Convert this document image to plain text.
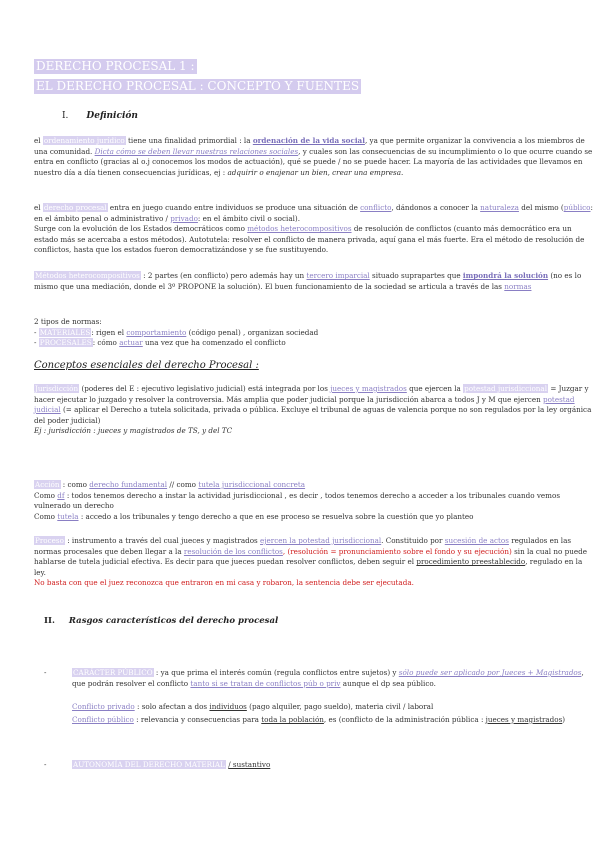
DERECHO PROCESAL 1 :
EL DERECHO PROCESAL : CONCEPTO Y FUENTES
I. Definición
el ordenamiento jurídico tiene una finalidad primordial : la ordenación de la vida social, ya que permite organizar la convivencia a los miembros de una comunidad. Dicta cómo se deben llevar nuestras relaciones sociales, y cuales son las consecuencias de su incumplimiento o lo que ocurre cuando se entra en conflicto (gracias al o.j conocemos los modos de actuación), qué se puede / no se puede hacer. La mayoría de las actividades que llevamos en nuestro día a día tienen consecuencias jurídicas, ej : adquirir o enajenar un bien, crear una empresa.
el derecho procesal entra en juego cuando entre individuos se produce una situación de conflicto, dándonos a conocer la naturaleza del mismo (público: en el ámbito penal o administrativo / privado: en el ámbito civil o social).
Surge con la evolución de los Estados democráticos como métodos heterocompositivos de resolución de conflictos (cuanto más democrático era un estado más se acercaba a estos métodos). Autotutela: resolver el conflicto de manera privada, aquí gana el más fuerte. Era el método de resolución de conflictos, hasta que los estados fueron democratizándose y se fue sustituyendo.
Métodos heterocompositivos : 2 partes (en conflicto) pero además hay un tercero imparcial situado suprapartes que impondrá la solución (no es lo mismo que una mediación, donde el 3º PROPONE la solución). El buen funcionamiento de la sociedad se articula a través de las normas
2 tipos de normas:
- MATERIALES: rigen el comportamiento (código penal) , organizan sociedad
- PROCESALES: cómo actuar una vez que ha comenzado el conflicto
Conceptos esenciales del derecho Procesal :
Jurisdicción (poderes del E : ejecutivo legislativo judicial) está integrada por los jueces y magistrados que ejercen la potestad jurisdiccional = Juzgar y hacer ejecutar lo juzgado y resolver la controversia. Más amplia que poder judicial porque la jurisdicción abarca a todos J y M que ejercen potestad judicial (= aplicar el Derecho a tutela solicitada, privada o pública. Excluye el tribunal de aguas de valencia porque no son regulados por la ley orgánica del poder judicial)
Ej : jurisdicción : jueces y magistrados de TS, y del TC
Acción : como derecho fundamental // como tutela jurisdiccional concreta
Como df : todos tenemos derecho a instar la actividad jurisdiccional , es decir , todos tenemos derecho a acceder a los tribunales cuando vemos vulnerado un derecho
Como tutela : accedo a los tribunales y tengo derecho a que en ese proceso se resuelva sobre la cuestión que yo planteo
Proceso : instrumento a través del cual jueces y magistrados ejercen la potestad jurisdiccional. Constituido por sucesión de actos regulados en las normas procesales que deben llegar a la resolución de los conflictos, (resolución = pronunciamiento sobre el fondo y su ejecución) sin la cual no puede hablarse de tutela judicial efectiva. Es decir para que jueces puedan resolver conflictos, deben seguir el procedimiento preestablecido, regulado en la ley.
No basta con que el juez reconozca que entraron en mi casa y robaron, la sentencia debe ser ejecutada.
II. Rasgos característicos del derecho procesal
-	CARÁCTER PÚBLICO : ya que prima el interés común (regula conflictos entre sujetos) y sólo puede ser aplicado por Jueces + Magistrados, que podrán resolver el conflicto tanto si se tratan de conflictos púb o priv aunque el dp sea público.
Conflicto privado : solo afectan a dos individuos (pago alquiler, pago sueldo), materia civil / laboral
Conflicto público : relevancia y consecuencias para toda la población, es (conflicto de la administración pública : jueces y magistrados)
-	AUTONOMÍA DEL DERECHO MATERIAL / sustantivo
